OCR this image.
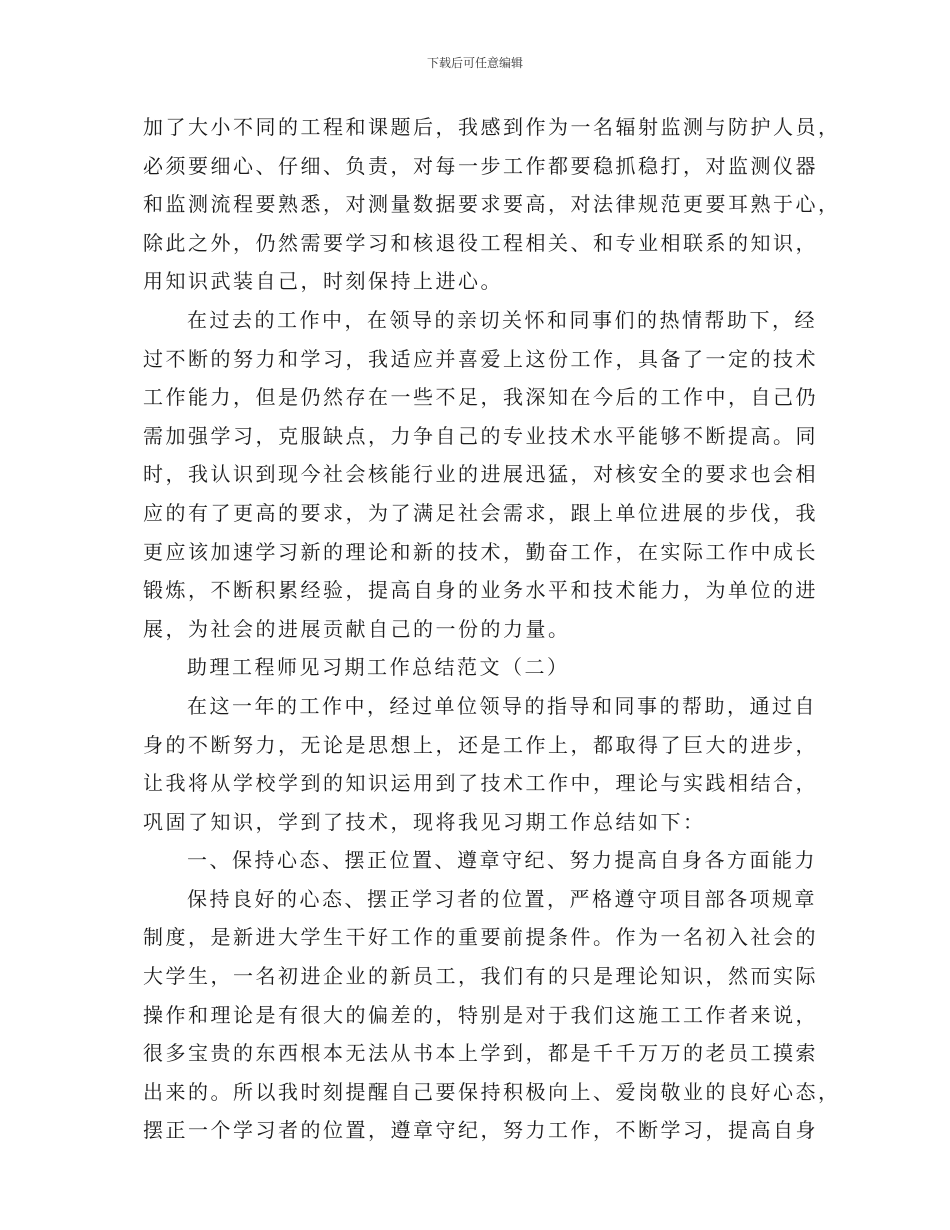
下载后可任意编辑
加了大小不同的工程和课题后，我感到作为一名辐射监测与防护人员，
必须要细心、仔细、负责，对每一步工作都要稳抓稳打，对监测仪器
和监测流程要熟悉，对测量数据要求要高，对法律规范更要耳熟于心，
除此之外，仍然需要学习和核退役工程相关、和专业相联系的知识，
用知识武装自己，时刻保持上进心。
在过去的工作中，在领导的亲切关怀和同事们的热情帮助下，经
过不断的努力和学习，我适应并喜爱上这份工作，具备了一定的技术
工作能力，但是仍然存在一些不足，我深知在今后的工作中，自己仍
需加强学习，克服缺点，力争自己的专业技术水平能够不断提高。同
时，我认识到现今社会核能行业的进展迅猛，对核安全的要求也会相
应的有了更高的要求，为了满足社会需求，跟上单位进展的步伐，我
更应该加速学习新的理论和新的技术，勤奋工作，在实际工作中成长
锻炼，不断积累经验，提高自身的业务水平和技术能力，为单位的进
展，为社会的进展贡献自己的一份的力量。
助理工程师见习期工作总结范文（二）
在这一年的工作中，经过单位领导的指导和同事的帮助，通过自
身的不断努力，无论是思想上，还是工作上，都取得了巨大的进步，
让我将从学校学到的知识运用到了技术工作中，理论与实践相结合，
巩固了知识，学到了技术，现将我见习期工作总结如下：
一、保持心态、摆正位置、遵章守纪、努力提高自身各方面能力
保持良好的心态、摆正学习者的位置，严格遵守项目部各项规章
制度，是新进大学生干好工作的重要前提条件。作为一名初入社会的
大学生，一名初进企业的新员工，我们有的只是理论知识，然而实际
操作和理论是有很大的偏差的，特别是对于我们这施工工作者来说，
很多宝贵的东西根本无法从书本上学到，都是千千万万的老员工摸索
出来的。所以我时刻提醒自己要保持积极向上、爱岗敬业的良好心态，
摆正一个学习者的位置，遵章守纪，努力工作，不断学习，提高自身
